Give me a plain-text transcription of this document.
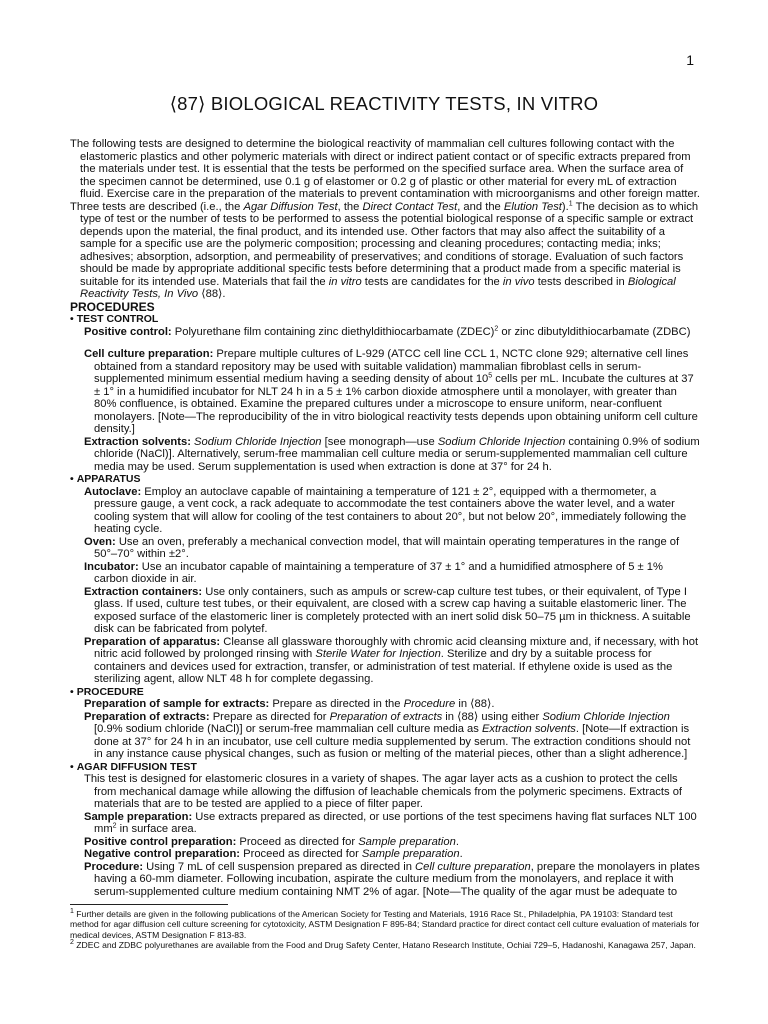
1
⟨87⟩ BIOLOGICAL REACTIVITY TESTS, IN VITRO

The following tests are designed to determine the biological reactivity of mammalian cell cultures following contact with the elastomeric plastics and other polymeric materials with direct or indirect patient contact or of specific extracts prepared from the materials under test. It is essential that the tests be performed on the specified surface area. When the surface area of the specimen cannot be determined, use 0.1 g of elastomer or 0.2 g of plastic or other material for every mL of extraction fluid. Exercise care in the preparation of the materials to prevent contamination with microorganisms and other foreign matter.

Three tests are described (i.e., the Agar Diffusion Test, the Direct Contact Test, and the Elution Test).$^1$ The decision as to which type of test or the number of tests to be performed to assess the potential biological response of a specific sample or extract depends upon the material, the final product, and its intended use. Other factors that may also affect the suitability of a sample for a specific use are the polymeric composition; processing and cleaning procedures; contacting media; inks; adhesives; absorption, adsorption, and permeability of preservatives; and conditions of storage. Evaluation of such factors should be made by appropriate additional specific tests before determining that a product made from a specific material is suitable for its intended use. Materials that fail the in vitro tests are candidates for the in vivo tests described in Biological Reactivity Tests, In Vivo ⟨88⟩.

PROCEDURES

• TEST CONTROL

Positive control: Polyurethane film containing zinc diethyldithiocarbamate (ZDEC)$^2$ or zinc dibutyldithiocarbamate (ZDBC)

Cell culture preparation: Prepare multiple cultures of L-929 (ATCC cell line CCL 1, NCTC clone 929; alternative cell lines obtained from a standard repository may be used with suitable validation) mammalian fibroblast cells in serum-supplemented minimum essential medium having a seeding density of about $10^5$ cells per mL. Incubate the cultures at 37 ± 1° in a humidified incubator for NLT 24 h in a 5 ± 1% carbon dioxide atmosphere until a monolayer, with greater than 80% confluence, is obtained. Examine the prepared cultures under a microscope to ensure uniform, near-confluent monolayers. [Note—The reproducibility of the in vitro biological reactivity tests depends upon obtaining uniform cell culture density.]

Extraction solvents: Sodium Chloride Injection [see monograph—use Sodium Chloride Injection containing 0.9% of sodium chloride (NaCl)]. Alternatively, serum-free mammalian cell culture media or serum-supplemented mammalian cell culture media may be used. Serum supplementation is used when extraction is done at 37° for 24 h.

• APPARATUS

Autoclave: Employ an autoclave capable of maintaining a temperature of 121 ± 2°, equipped with a thermometer, a pressure gauge, a vent cock, a rack adequate to accommodate the test containers above the water level, and a water cooling system that will allow for cooling of the test containers to about 20°, but not below 20°, immediately following the heating cycle.

Oven: Use an oven, preferably a mechanical convection model, that will maintain operating temperatures in the range of 50°–70° within ±2°.

Incubator: Use an incubator capable of maintaining a temperature of 37 ± 1° and a humidified atmosphere of 5 ± 1% carbon dioxide in air.

Extraction containers: Use only containers, such as ampuls or screw-cap culture test tubes, or their equivalent, of Type I glass. If used, culture test tubes, or their equivalent, are closed with a screw cap having a suitable elastomeric liner. The exposed surface of the elastomeric liner is completely protected with an inert solid disk 50–75 µm in thickness. A suitable disk can be fabricated from polytef.

Preparation of apparatus: Cleanse all glassware thoroughly with chromic acid cleansing mixture and, if necessary, with hot nitric acid followed by prolonged rinsing with Sterile Water for Injection. Sterilize and dry by a suitable process for containers and devices used for extraction, transfer, or administration of test material. If ethylene oxide is used as the sterilizing agent, allow NLT 48 h for complete degassing.

• PROCEDURE

Preparation of sample for extracts: Prepare as directed in the Procedure in ⟨88⟩.

Preparation of extracts: Prepare as directed for Preparation of extracts in ⟨88⟩ using either Sodium Chloride Injection [0.9% sodium chloride (NaCl)] or serum-free mammalian cell culture media as Extraction solvents. [Note—If extraction is done at 37° for 24 h in an incubator, use cell culture media supplemented by serum. The extraction conditions should not in any instance cause physical changes, such as fusion or melting of the material pieces, other than a slight adherence.]

• AGAR DIFFUSION TEST

This test is designed for elastomeric closures in a variety of shapes. The agar layer acts as a cushion to protect the cells from mechanical damage while allowing the diffusion of leachable chemicals from the polymeric specimens. Extracts of materials that are to be tested are applied to a piece of filter paper.

Sample preparation: Use extracts prepared as directed, or use portions of the test specimens having flat surfaces NLT 100 $mm^2$ in surface area.

Positive control preparation: Proceed as directed for Sample preparation.

Negative control preparation: Proceed as directed for Sample preparation.

Procedure: Using 7 mL of cell suspension prepared as directed in Cell culture preparation, prepare the monolayers in plates having a 60-mm diameter. Following incubation, aspirate the culture medium from the monolayers, and replace it with serum-supplemented culture medium containing NMT 2% of agar. [Note—The quality of the agar must be adequate to

$^1$ Further details are given in the following publications of the American Society for Testing and Materials, 1916 Race St., Philadelphia, PA 19103: Standard test method for agar diffusion cell culture screening for cytotoxicity, ASTM Designation F 895-84; Standard practice for direct contact cell culture evaluation of materials for medical devices, ASTM Designation F 813-83.

$^2$ ZDEC and ZDBC polyurethanes are available from the Food and Drug Safety Center, Hatano Research Institute, Ochiai 729–5, Hadanoshi, Kanagawa 257, Japan.
